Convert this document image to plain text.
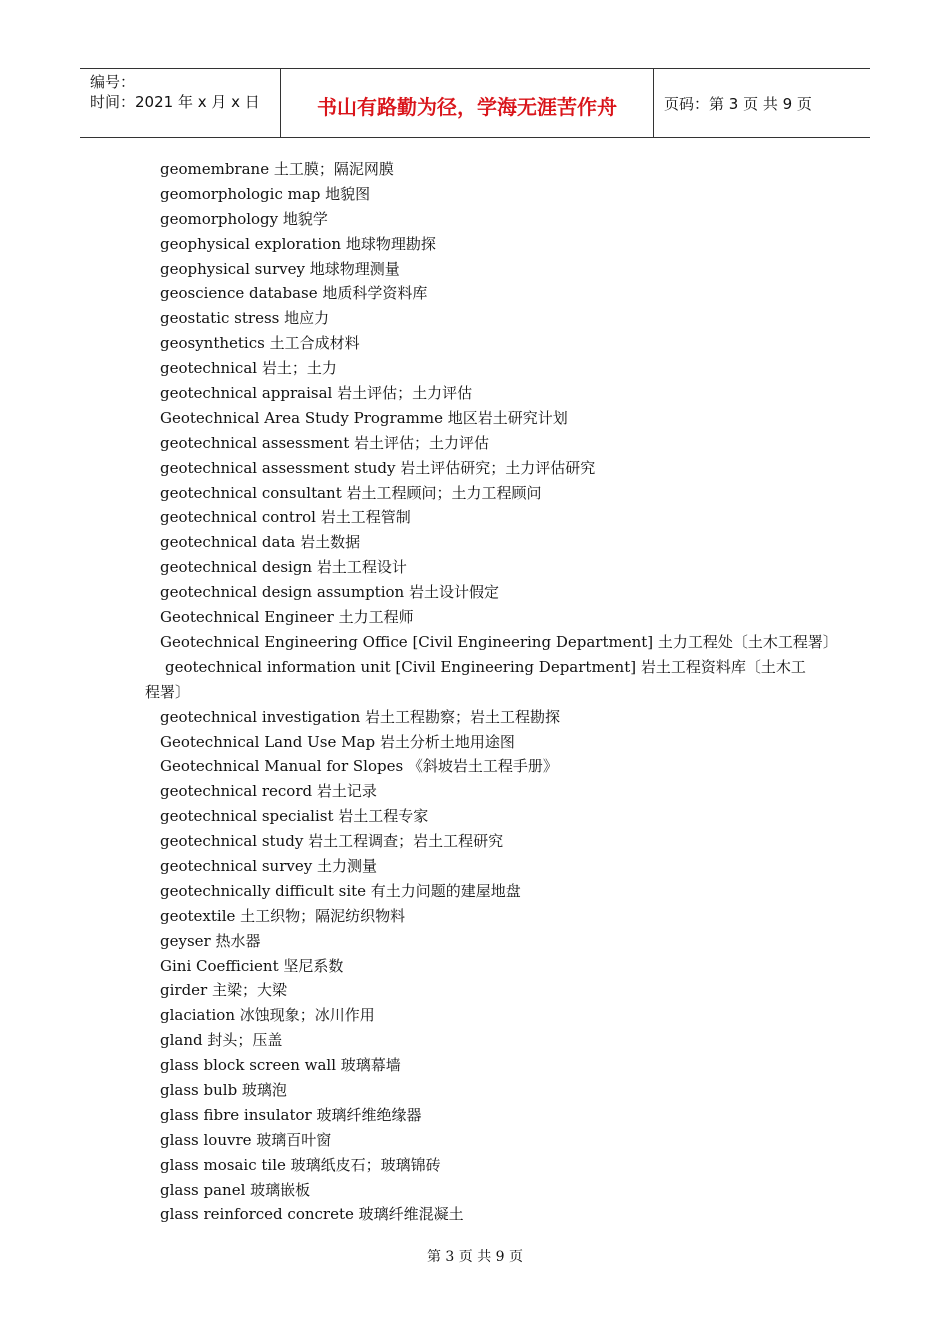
编号：
时间：2021 年 x 月 x 日	书山有路勤为径，学海无涯苦作舟	页码：第 3 页 共 9 页
geomembrane 土工膜；隔泥网膜
geomorphologic map 地貌图
geomorphology 地貌学
geophysical exploration 地球物理勘探
geophysical survey 地球物理测量
geoscience database 地质科学资料库
geostatic stress 地应力
geosynthetics 土工合成材料
geotechnical 岩土；土力
geotechnical appraisal 岩土评估；土力评估
Geotechnical Area Study Programme 地区岩土研究计划
geotechnical assessment 岩土评估；土力评估
geotechnical assessment study 岩土评估研究；土力评估研究
geotechnical consultant 岩土工程顾问；土力工程顾问
geotechnical control 岩土工程管制
geotechnical data 岩土数据
geotechnical design 岩土工程设计
geotechnical design assumption 岩土设计假定
Geotechnical Engineer 土力工程师
Geotechnical Engineering Office [Civil Engineering Department] 土力工程处〔土木工程署〕
geotechnical information unit [Civil Engineering Department] 岩土工程资料库〔土木工程署〕
geotechnical investigation 岩土工程勘察；岩土工程勘探
Geotechnical Land Use Map 岩土分析土地用途图
Geotechnical Manual for Slopes 《斜坡岩土工程手册》
geotechnical record 岩土记录
geotechnical specialist 岩土工程专家
geotechnical study 岩土工程调查；岩土工程研究
geotechnical survey 土力测量
geotechnically difficult site 有土力问题的建屋地盘
geotextile 土工织物；隔泥纺织物料
geyser 热水器
Gini Coefficient 坚尼系数
girder 主梁；大梁
glaciation 冰蚀现象；冰川作用
gland 封头；压盖
glass block screen wall 玻璃幕墙
glass bulb 玻璃泡
glass fibre insulator 玻璃纤维绝缘器
glass louvre 玻璃百叶窗
glass mosaic tile 玻璃纸皮石；玻璃锦砖
glass panel 玻璃嵌板
glass reinforced concrete 玻璃纤维混凝土
第 3 页 共 9 页
